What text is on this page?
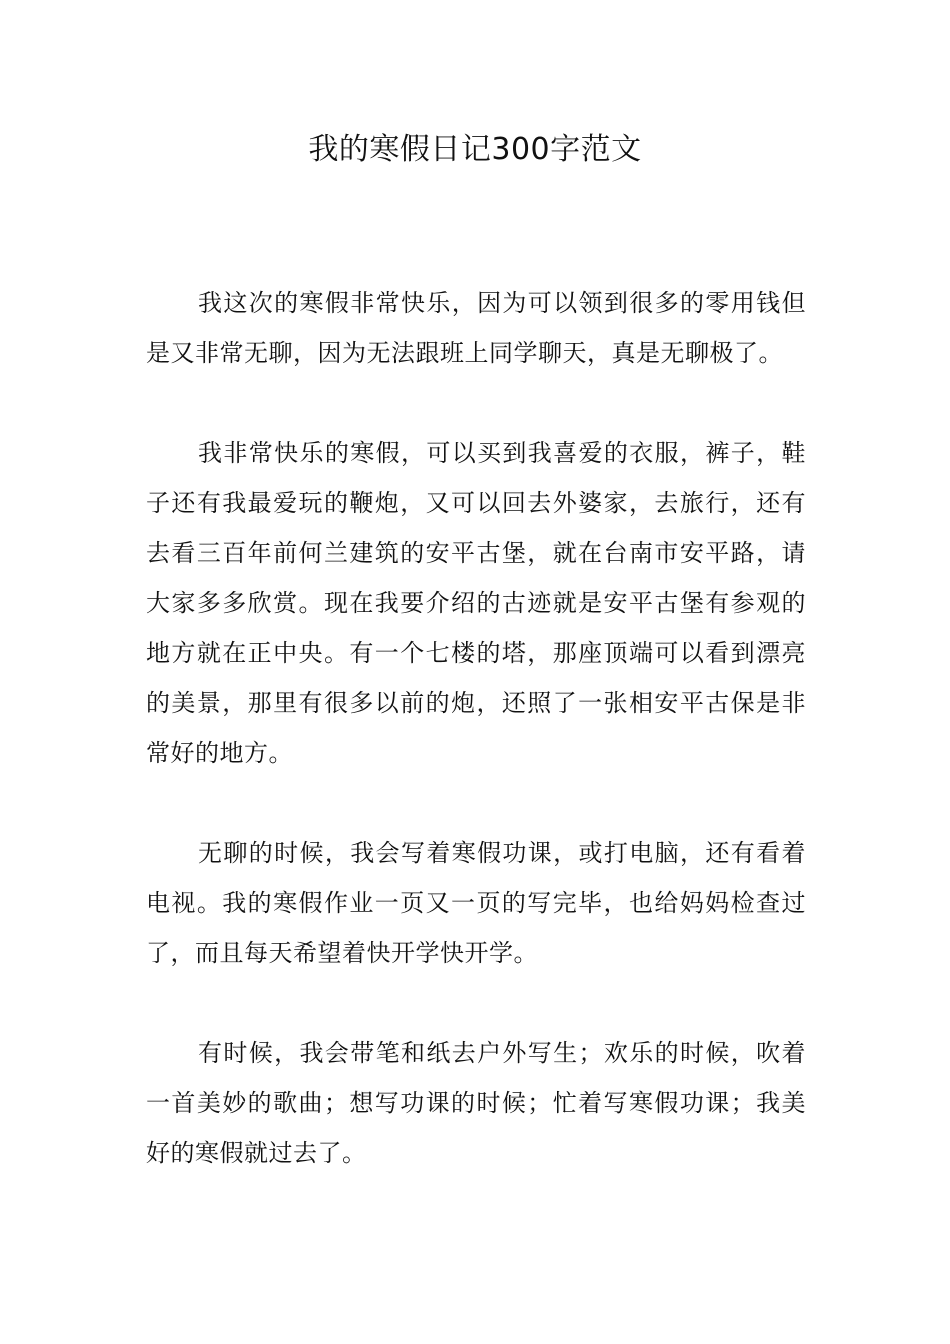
我的寒假日记300字范文

我这次的寒假非常快乐，因为可以领到很多的零用钱但是又非常无聊，因为无法跟班上同学聊天，真是无聊极了。

我非常快乐的寒假，可以买到我喜爱的衣服，裤子，鞋子还有我最爱玩的鞭炮，又可以回去外婆家，去旅行，还有去看三百年前何兰建筑的安平古堡，就在台南市安平路，请大家多多欣赏。现在我要介绍的古迹就是安平古堡有参观的地方就在正中央。有一个七楼的塔，那座顶端可以看到漂亮的美景，那里有很多以前的炮，还照了一张相安平古保是非常好的地方。

无聊的时候，我会写着寒假功课，或打电脑，还有看着电视。我的寒假作业一页又一页的写完毕，也给妈妈检查过了，而且每天希望着快开学快开学。

有时候，我会带笔和纸去户外写生；欢乐的时候，吹着一首美妙的歌曲；想写功课的时候；忙着写寒假功课；我美好的寒假就过去了。
